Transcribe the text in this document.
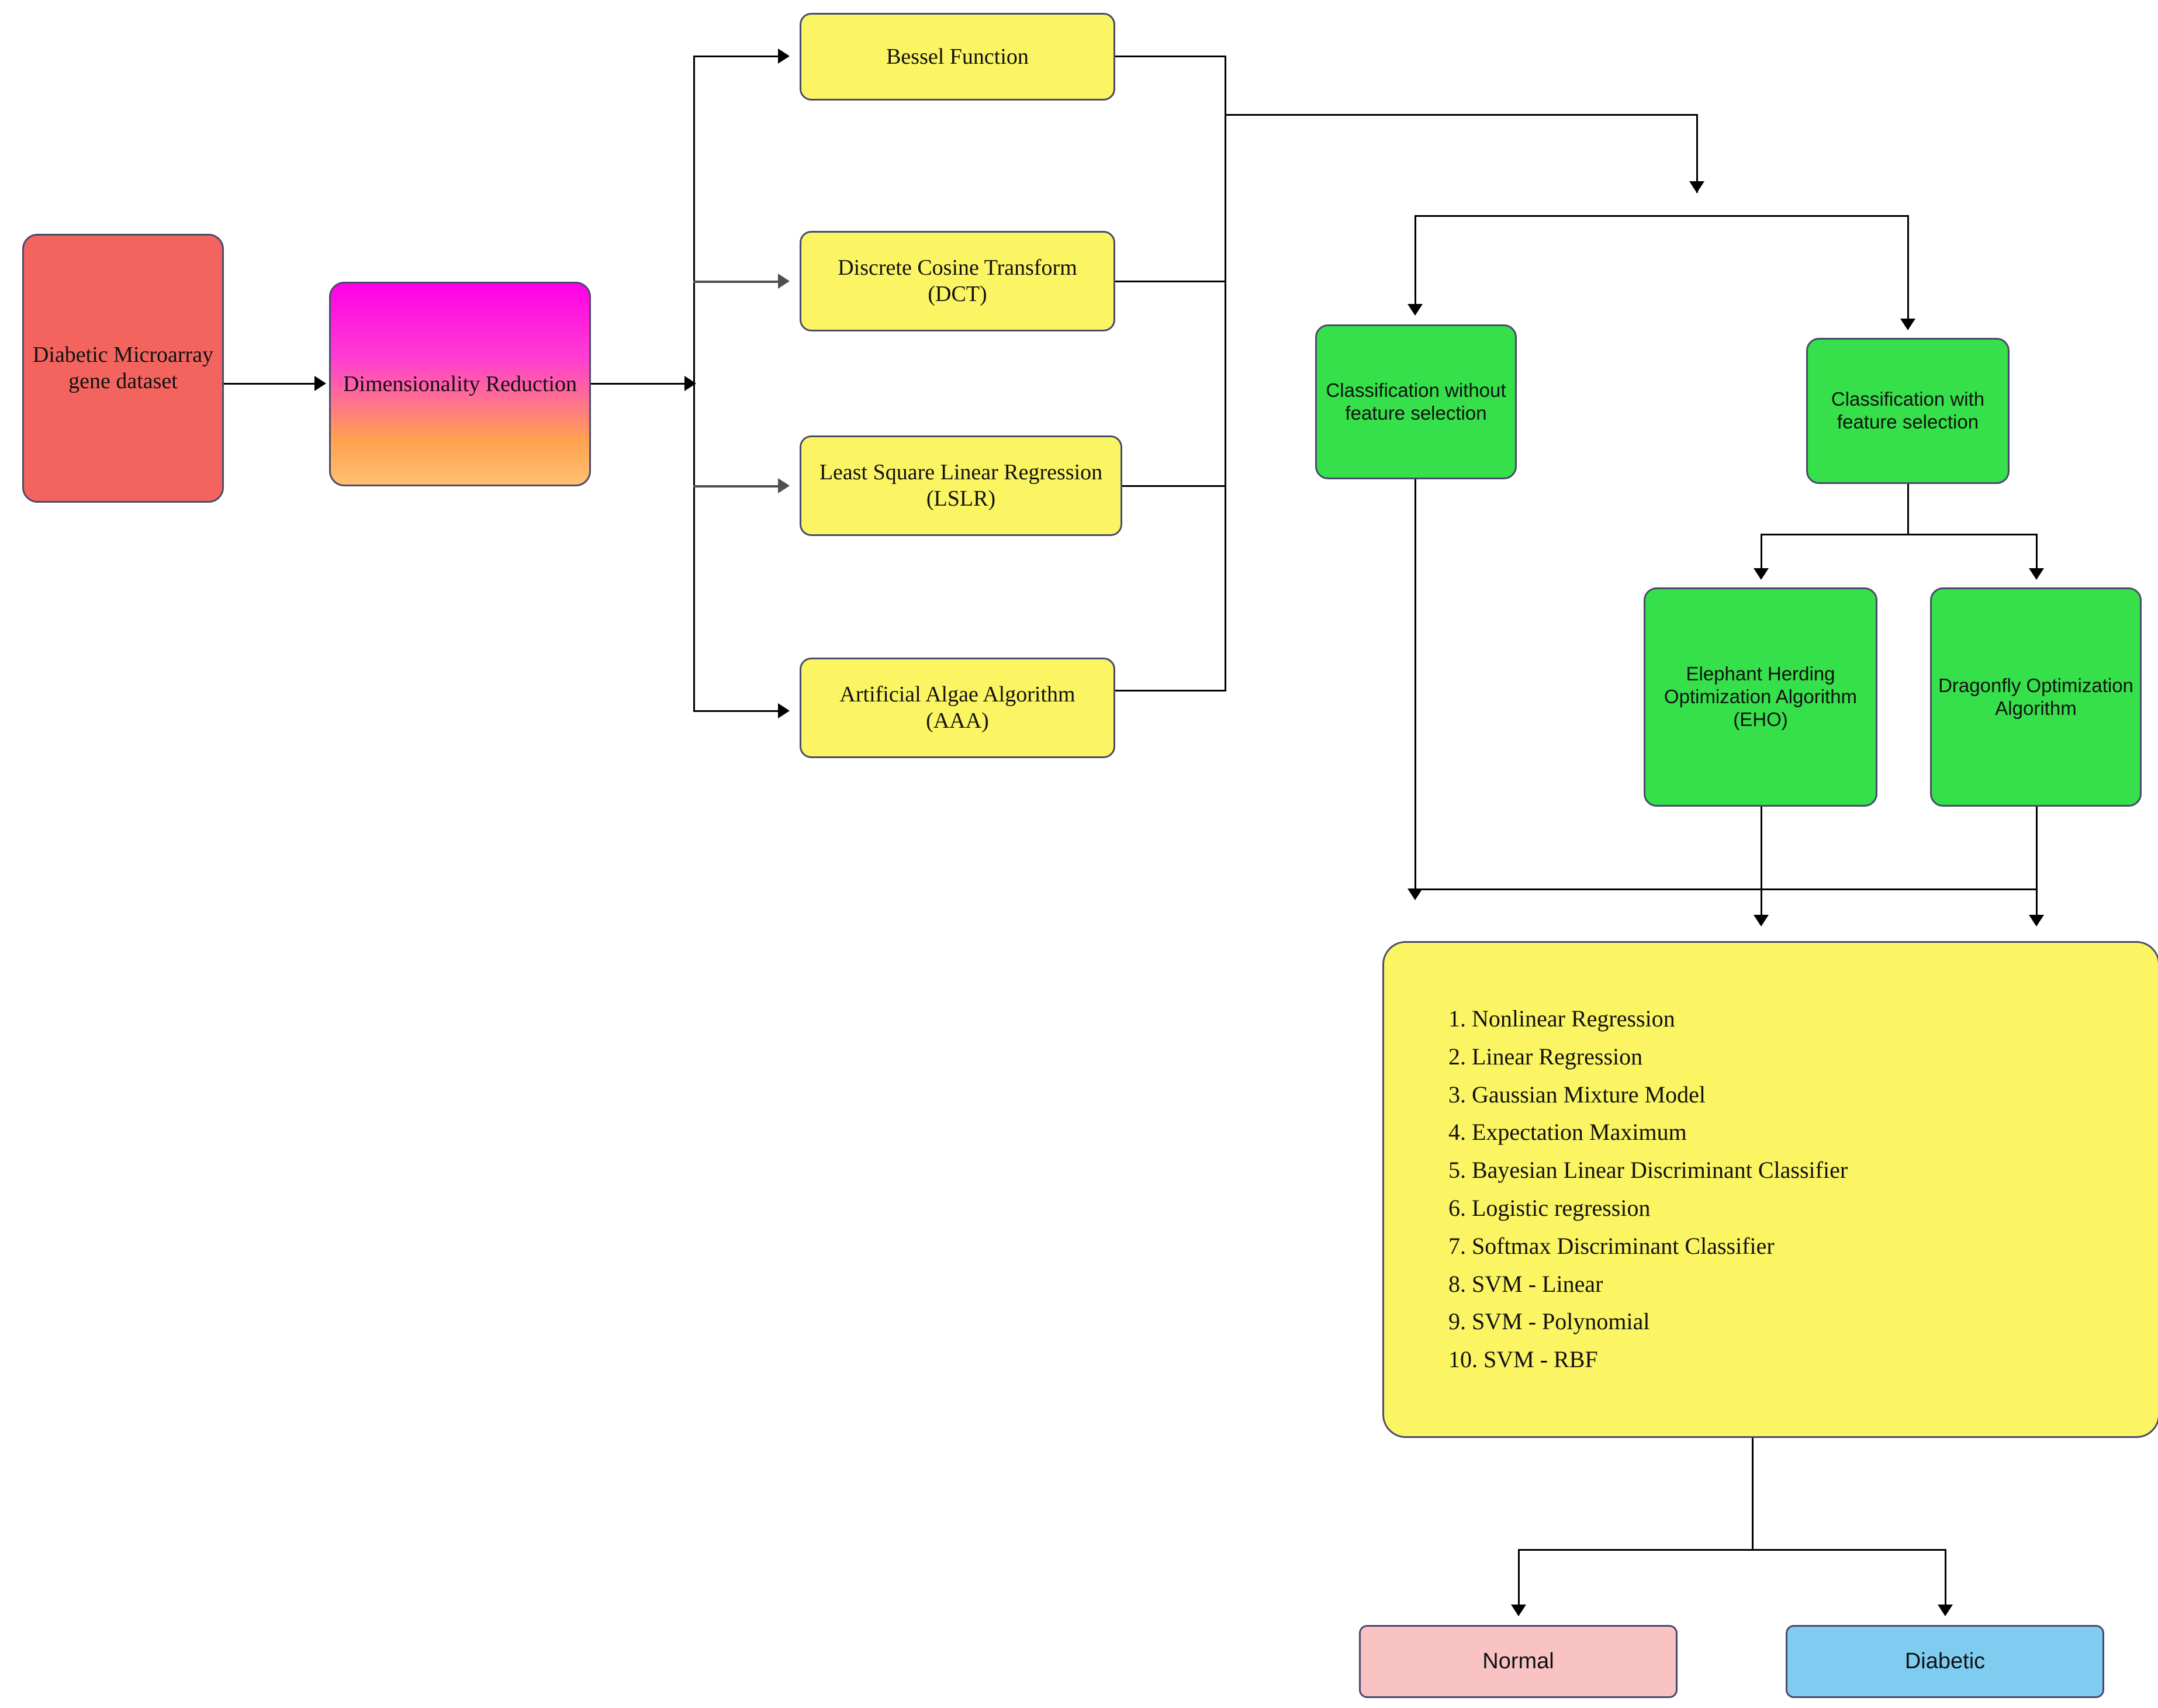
Diabetic Microarray gene dataset	Dimensionality Reduction
Bessel Function
Discrete Cosine Transform (DCT)
Least Square Linear Regression (LSLR)
Artificial Algae Algorithm (AAA)
Classification without feature selection
Classification with feature selection
Elephant Herding Optimization Algorithm (EHO)
Dragonfly Optimization Algorithm
1. Nonlinear Regression
2. Linear Regression
3. Gaussian Mixture Model
4. Expectation Maximum
5. Bayesian Linear Discriminant Classifier
6. Logistic regression
7. Softmax Discriminant Classifier
8. SVM - Linear
9. SVM - Polynomial
10. SVM - RBF
Normal	Diabetic
